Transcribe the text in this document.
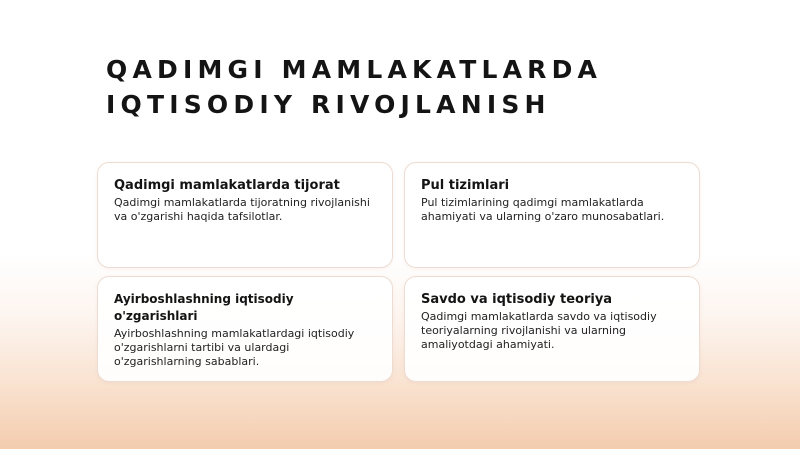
QADIMGI MAMLAKATLARDA
IQTISODIY RIVOJLANISH
Qadimgi mamlakatlarda tijorat

Qadimgi mamlakatlarda tijoratning rivojlanishi va o'zgarishi haqida tafsilotlar.

Pul tizimlari

Pul tizimlarining qadimgi mamlakatlarda ahamiyati va ularning o'zaro munosabatlari.

Ayirboshlashning iqtisodiy o'zgarishlari

Ayirboshlashning mamlakatlardagi iqtisodiy o'zgarishlarni tartibi va ulardagi o'zgarishlarning sabablari.

Savdo va iqtisodiy teoriya

Qadimgi mamlakatlarda savdo va iqtisodiy teoriyalarning rivojlanishi va ularning amaliyotdagi ahamiyati.
